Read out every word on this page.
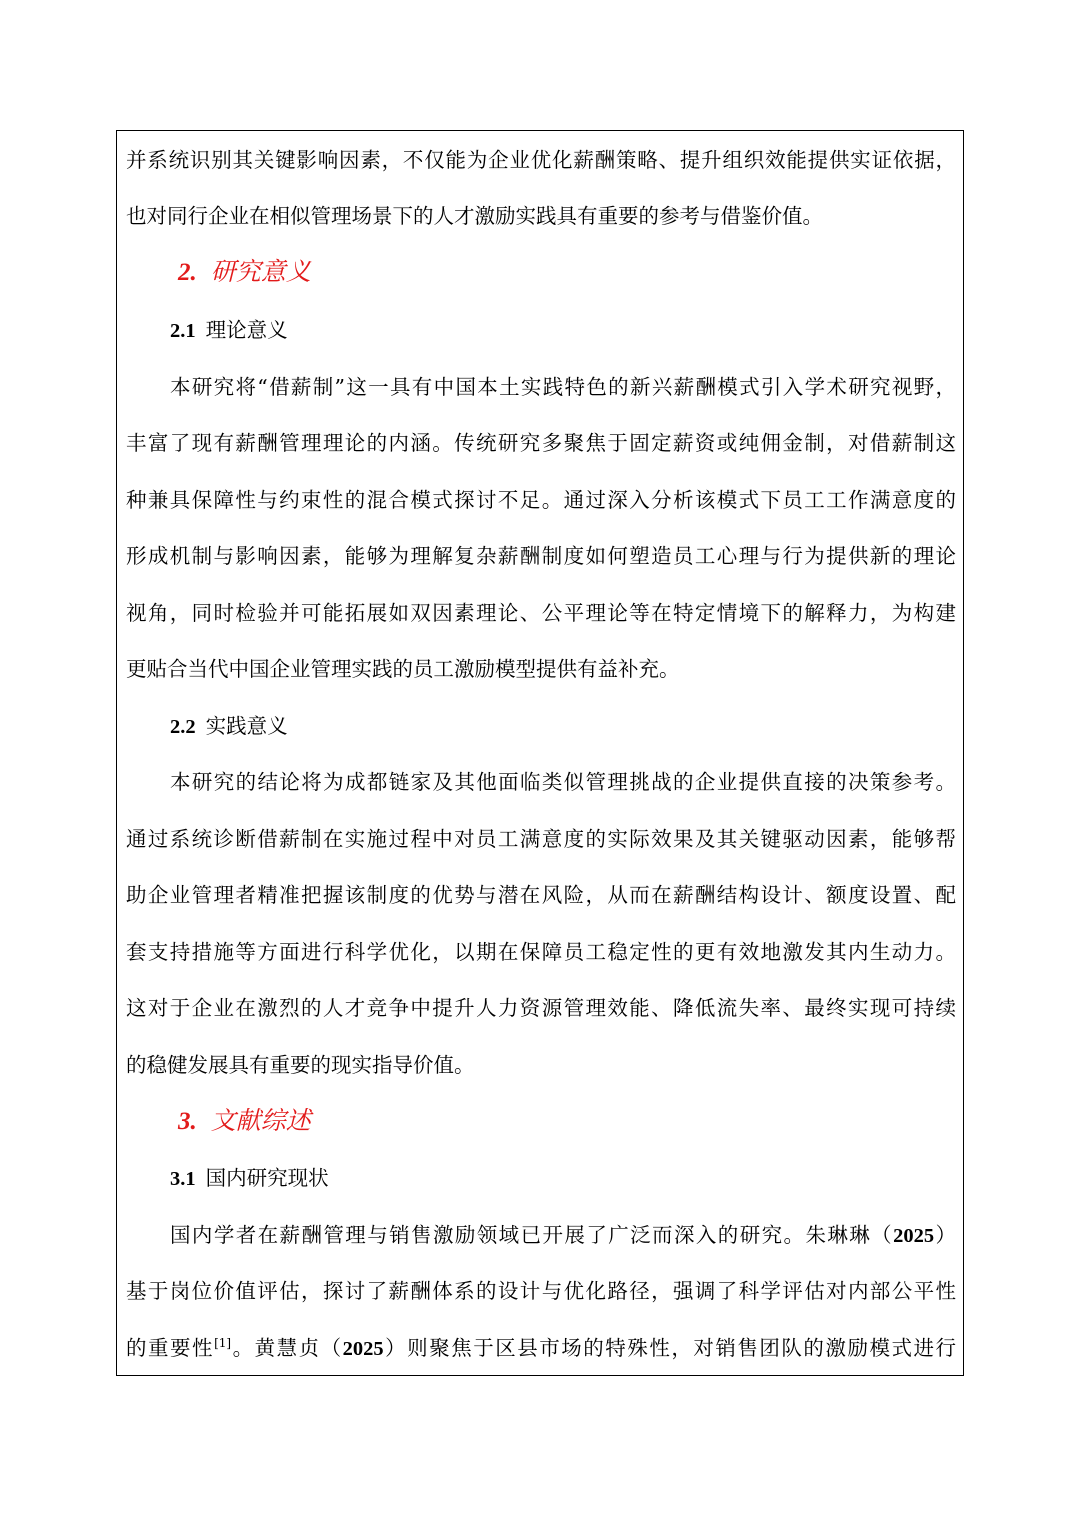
并系统识别其关键影响因素，不仅能为企业优化薪酬策略、提升组织效能提供实证依据，
也对同行企业在相似管理场景下的人才激励实践具有重要的参考与借鉴价值。
2. 研究意义
2.1 理论意义
本研究将“借薪制”这一具有中国本土实践特色的新兴薪酬模式引入学术研究视野，
丰富了现有薪酬管理理论的内涵。传统研究多聚焦于固定薪资或纯佣金制，对借薪制这
种兼具保障性与约束性的混合模式探讨不足。通过深入分析该模式下员工工作满意度的
形成机制与影响因素，能够为理解复杂薪酬制度如何塑造员工心理与行为提供新的理论
视角，同时检验并可能拓展如双因素理论、公平理论等在特定情境下的解释力，为构建
更贴合当代中国企业管理实践的员工激励模型提供有益补充。
2.2 实践意义
本研究的结论将为成都链家及其他面临类似管理挑战的企业提供直接的决策参考。
通过系统诊断借薪制在实施过程中对员工满意度的实际效果及其关键驱动因素，能够帮
助企业管理者精准把握该制度的优势与潜在风险，从而在薪酬结构设计、额度设置、配
套支持措施等方面进行科学优化，以期在保障员工稳定性的更有效地激发其内生动力。
这对于企业在激烈的人才竞争中提升人力资源管理效能、降低流失率、最终实现可持续
的稳健发展具有重要的现实指导价值。
3. 文献综述
3.1 国内研究现状
国内学者在薪酬管理与销售激励领域已开展了广泛而深入的研究。朱琳琳（2025）
基于岗位价值评估，探讨了薪酬体系的设计与优化路径，强调了科学评估对内部公平性
的重要性[1]。黄慧贞（2025）则聚焦于区县市场的特殊性，对销售团队的激励模式进行
